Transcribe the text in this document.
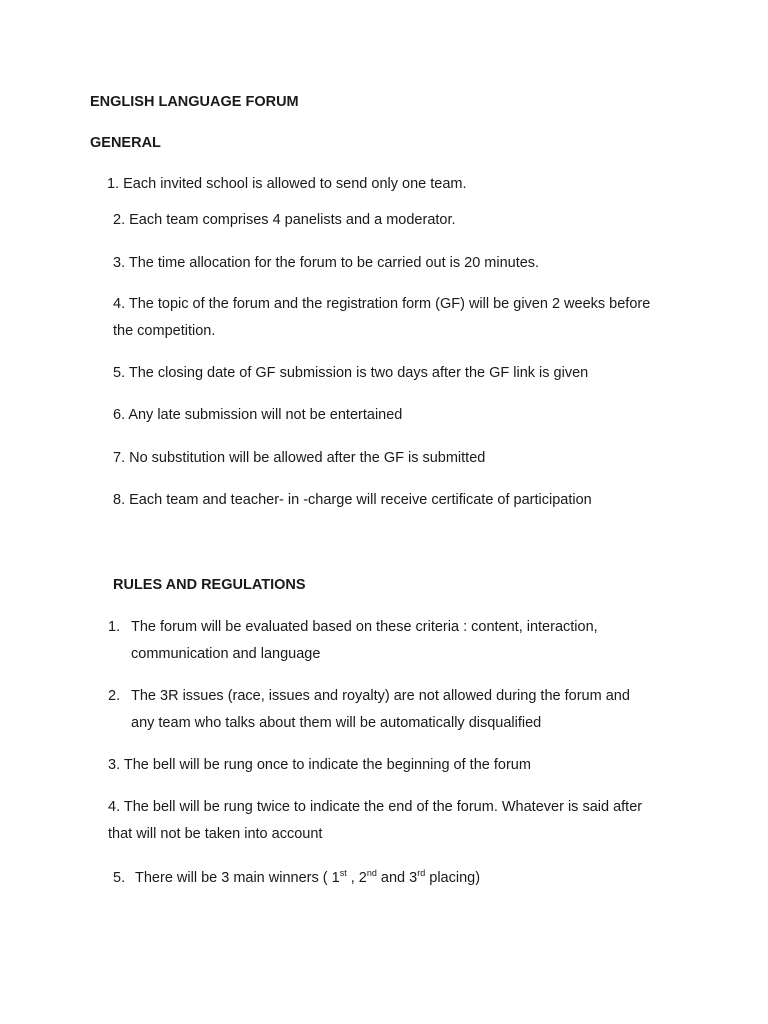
ENGLISH LANGUAGE FORUM

GENERAL

1. Each invited school is allowed to send only one team.

2. Each team comprises 4 panelists and a moderator.

3. The time allocation for the forum to be carried out is 20 minutes.

4. The topic of the forum and the registration form (GF) will be given 2 weeks before

the competition.

5. The closing date of GF submission is two days after the GF link is given

6. Any late submission will not be entertained

7. No substitution will be allowed after the GF is submitted

8. Each team and teacher- in -charge will receive certificate of participation

RULES AND REGULATIONS

1. The forum will be evaluated based on these criteria : content, interaction,

communication and language

2. The 3R issues (race, issues and royalty) are not allowed during the forum and

any team who talks about them will be automatically disqualified

3. The bell will be rung once to indicate the beginning of the forum

4. The bell will be rung twice to indicate the end of the forum. Whatever is said after

that will not be taken into account

5. There will be 3 main winners ( 1st , 2nd and 3rd placing)
